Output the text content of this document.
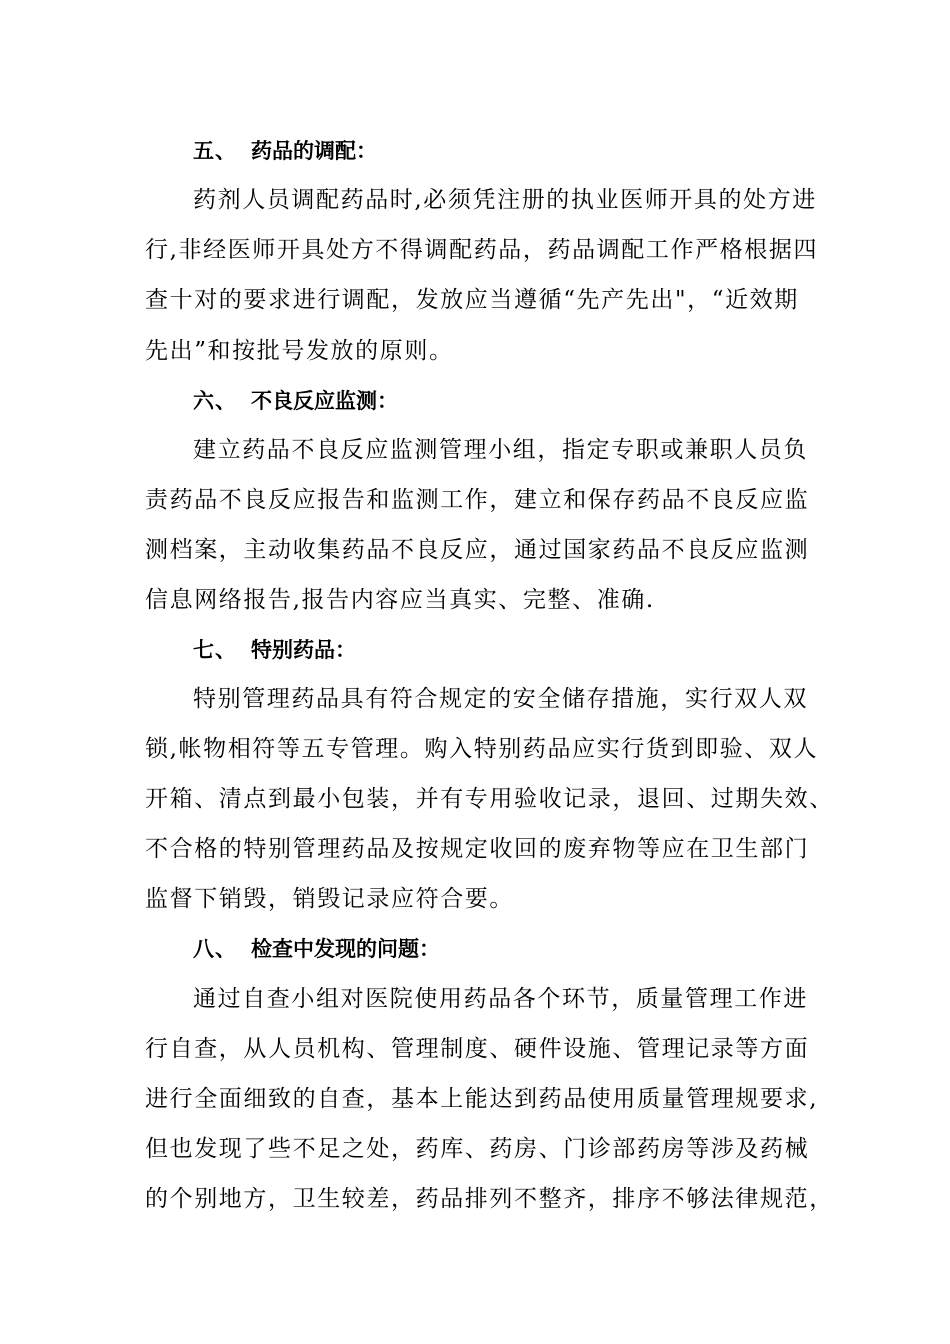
五、 药品的调配：
药剂人员调配药品时,必须凭注册的执业医师开具的处方进
行,非经医师开具处方不得调配药品，药品调配工作严格根据四
查十对的要求进行调配，发放应当遵循“先产先出"，“近效期
先出”和按批号发放的原则。
六、 不良反应监测：
建立药品不良反应监测管理小组，指定专职或兼职人员负
责药品不良反应报告和监测工作，建立和保存药品不良反应监
测档案，主动收集药品不良反应，通过国家药品不良反应监测
信息网络报告,报告内容应当真实、完整、准确.
七、 特别药品：
特别管理药品具有符合规定的安全储存措施，实行双人双
锁,帐物相符等五专管理。购入特别药品应实行货到即验、双人
开箱、清点到最小包装，并有专用验收记录，退回、过期失效、
不合格的特别管理药品及按规定收回的废弃物等应在卫生部门
监督下销毁，销毁记录应符合要。
八、 检查中发现的问题：
通过自查小组对医院使用药品各个环节，质量管理工作进
行自查，从人员机构、管理制度、硬件设施、管理记录等方面
进行全面细致的自查，基本上能达到药品使用质量管理规要求,
但也发现了些不足之处，药库、药房、门诊部药房等涉及药械
的个别地方，卫生较差，药品排列不整齐，排序不够法律规范，
